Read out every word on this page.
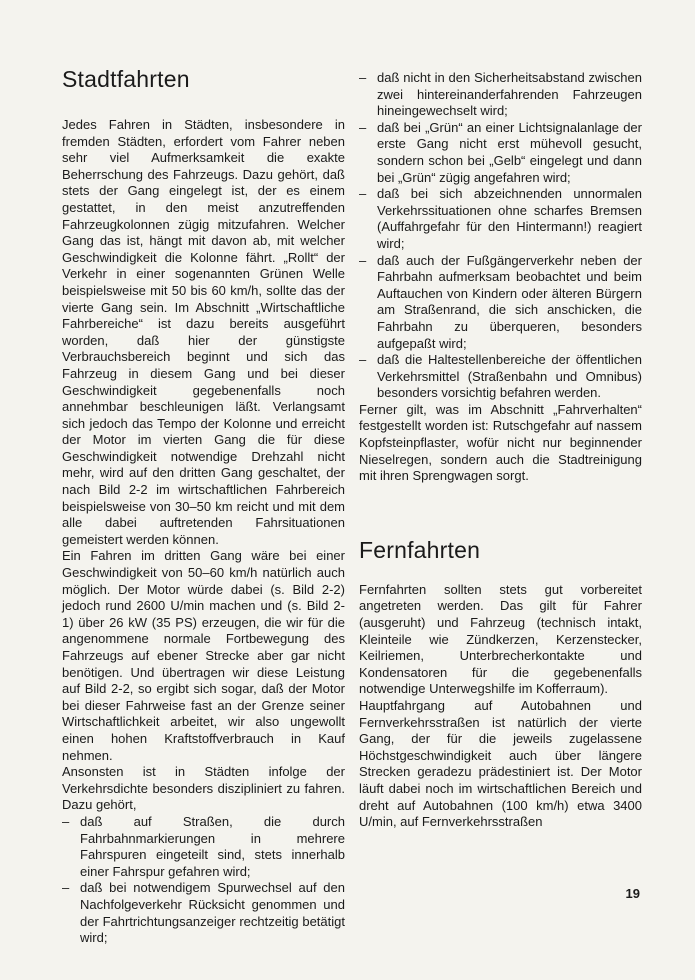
Stadtfahrten

Jedes Fahren in Städten, insbesondere in fremden Städten, erfordert vom Fahrer neben sehr viel Aufmerksamkeit die exakte Beherrschung des Fahrzeugs. Dazu gehört, daß stets der Gang eingelegt ist, der es einem gestattet, in den meist anzutreffenden Fahrzeugkolonnen zügig mitzufahren. Welcher Gang das ist, hängt mit davon ab, mit welcher Geschwindigkeit die Kolonne fährt. „Rollt“ der Verkehr in einer sogenannten Grünen Welle beispielsweise mit 50 bis 60 km/h, sollte das der vierte Gang sein. Im Abschnitt „Wirtschaftliche Fahrbereiche“ ist dazu bereits ausgeführt worden, daß hier der günstigste Verbrauchsbereich beginnt und sich das Fahrzeug in diesem Gang und bei dieser Geschwindigkeit gegebenenfalls noch annehmbar beschleunigen läßt. Verlangsamt sich jedoch das Tempo der Kolonne und erreicht der Motor im vierten Gang die für diese Geschwindigkeit notwendige Drehzahl nicht mehr, wird auf den dritten Gang geschaltet, der nach Bild 2-2 im wirtschaftlichen Fahrbereich beispielsweise von 30–50 km reicht und mit dem alle dabei auftretenden Fahrsituationen gemeistert werden können.

Ein Fahren im dritten Gang wäre bei einer Geschwindigkeit von 50–60 km/h natürlich auch möglich. Der Motor würde dabei (s. Bild 2-2) jedoch rund 2600 U/min machen und (s. Bild 2-1) über 26 kW (35 PS) erzeugen, die wir für die angenommene normale Fortbewegung des Fahrzeugs auf ebener Strecke aber gar nicht benötigen. Und übertragen wir diese Leistung auf Bild 2-2, so ergibt sich sogar, daß der Motor bei dieser Fahrweise fast an der Grenze seiner Wirtschaftlichkeit arbeitet, wir also ungewollt einen hohen Kraftstoffverbrauch in Kauf nehmen.

Ansonsten ist in Städten infolge der Verkehrsdichte besonders diszipliniert zu fahren. Dazu gehört,

– daß auf Straßen, die durch Fahrbahnmarkierungen in mehrere Fahrspuren eingeteilt sind, stets innerhalb einer Fahrspur gefahren wird;
– daß bei notwendigem Spurwechsel auf den Nachfolgeverkehr Rücksicht genommen und der Fahrtrichtungsanzeiger rechtzeitig betätigt wird;
– daß nicht in den Sicherheitsabstand zwischen zwei hintereinanderfahrenden Fahrzeugen hineingewechselt wird;
– daß bei „Grün“ an einer Lichtsignalanlage der erste Gang nicht erst mühevoll gesucht, sondern schon bei „Gelb“ eingelegt und dann bei „Grün“ zügig angefahren wird;
– daß bei sich abzeichnenden unnormalen Verkehrssituationen ohne scharfes Bremsen (Auffahrgefahr für den Hintermann!) reagiert wird;
– daß auch der Fußgängerverkehr neben der Fahrbahn aufmerksam beobachtet und beim Auftauchen von Kindern oder älteren Bürgern am Straßenrand, die sich anschicken, die Fahrbahn zu überqueren, besonders aufgepaßt wird;
– daß die Haltestellenbereiche der öffentlichen Verkehrsmittel (Straßenbahn und Omnibus) besonders vorsichtig befahren werden.

Ferner gilt, was im Abschnitt „Fahrverhalten“ festgestellt worden ist: Rutschgefahr auf nassem Kopfsteinpflaster, wofür nicht nur beginnender Nieselregen, sondern auch die Stadtreinigung mit ihren Sprengwagen sorgt.

Fernfahrten

Fernfahrten sollten stets gut vorbereitet angetreten werden. Das gilt für Fahrer (ausgeruht) und Fahrzeug (technisch intakt, Kleinteile wie Zündkerzen, Kerzenstecker, Keilriemen, Unterbrecherkontakte und Kondensatoren für die gegebenenfalls notwendige Unterwegshilfe im Kofferraum).

Hauptfahrgang auf Autobahnen und Fernverkehrsstraßen ist natürlich der vierte Gang, der für die jeweils zugelassene Höchstgeschwindigkeit auch über längere Strecken geradezu prädestiniert ist. Der Motor läuft dabei noch im wirtschaftlichen Bereich und dreht auf Autobahnen (100 km/h) etwa 3400 U/min, auf Fernverkehrsstraßen

19
